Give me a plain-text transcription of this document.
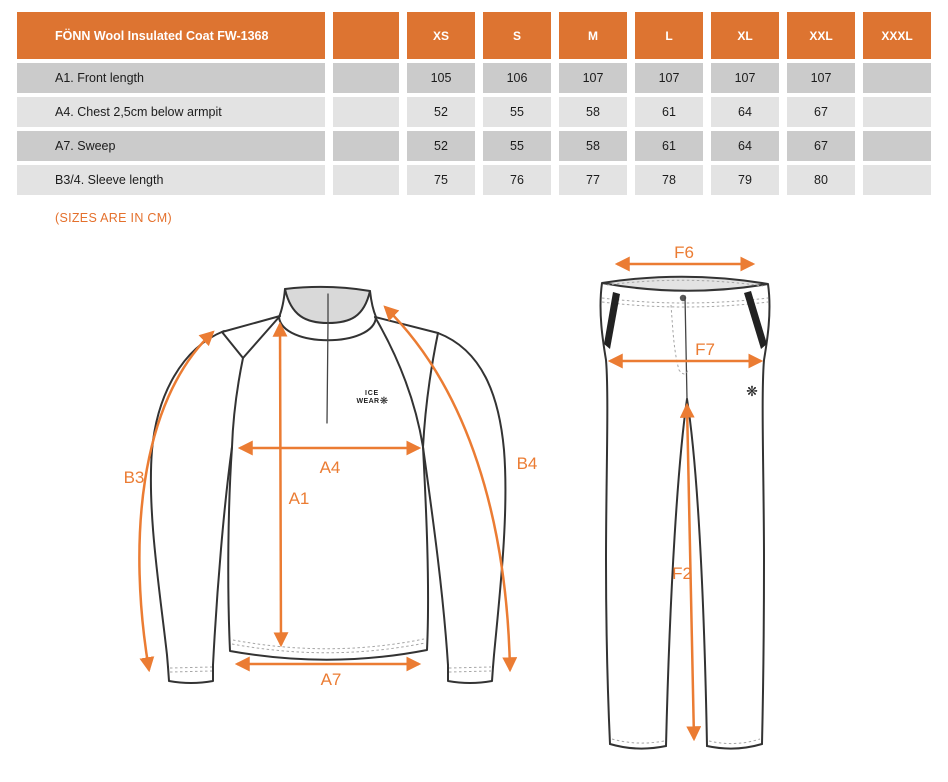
FÖNN Wool Insulated Coat FW-1368	XS	S	M	L	XL	XXL	XXXL
A1. Front length	105	106	107	107	107	107
A4. Chest 2,5cm below armpit	52	55	58	61	64	67
A7. Sweep	52	55	58	61	64	67
B3/4. Sleeve length	75	76	77	78	79	80
(SIZES ARE IN CM)
ICE
WEAR ❋
A4
A1
A7
B3
B4
❋
F6
F7
F2
